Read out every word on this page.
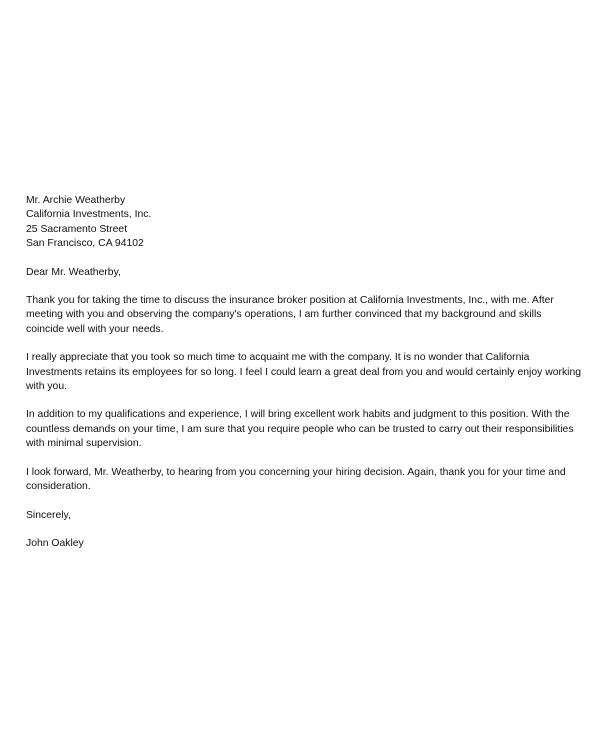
Mr. Archie Weatherby
California Investments, Inc.
25 Sacramento Street
San Francisco, CA 94102
Dear Mr. Weatherby,

Thank you for taking the time to discuss the insurance broker position at California Investments, Inc., with me. After meeting with you and observing the company's operations, I am further convinced that my background and skills coincide well with your needs.

I really appreciate that you took so much time to acquaint me with the company. It is no wonder that California Investments retains its employees for so long. I feel I could learn a great deal from you and would certainly enjoy working with you.

In addition to my qualifications and experience, I will bring excellent work habits and judgment to this position. With the countless demands on your time, I am sure that you require people who can be trusted to carry out their responsibilities with minimal supervision.

I look forward, Mr. Weatherby, to hearing from you concerning your hiring decision. Again, thank you for your time and consideration.

Sincerely,
John Oakley
